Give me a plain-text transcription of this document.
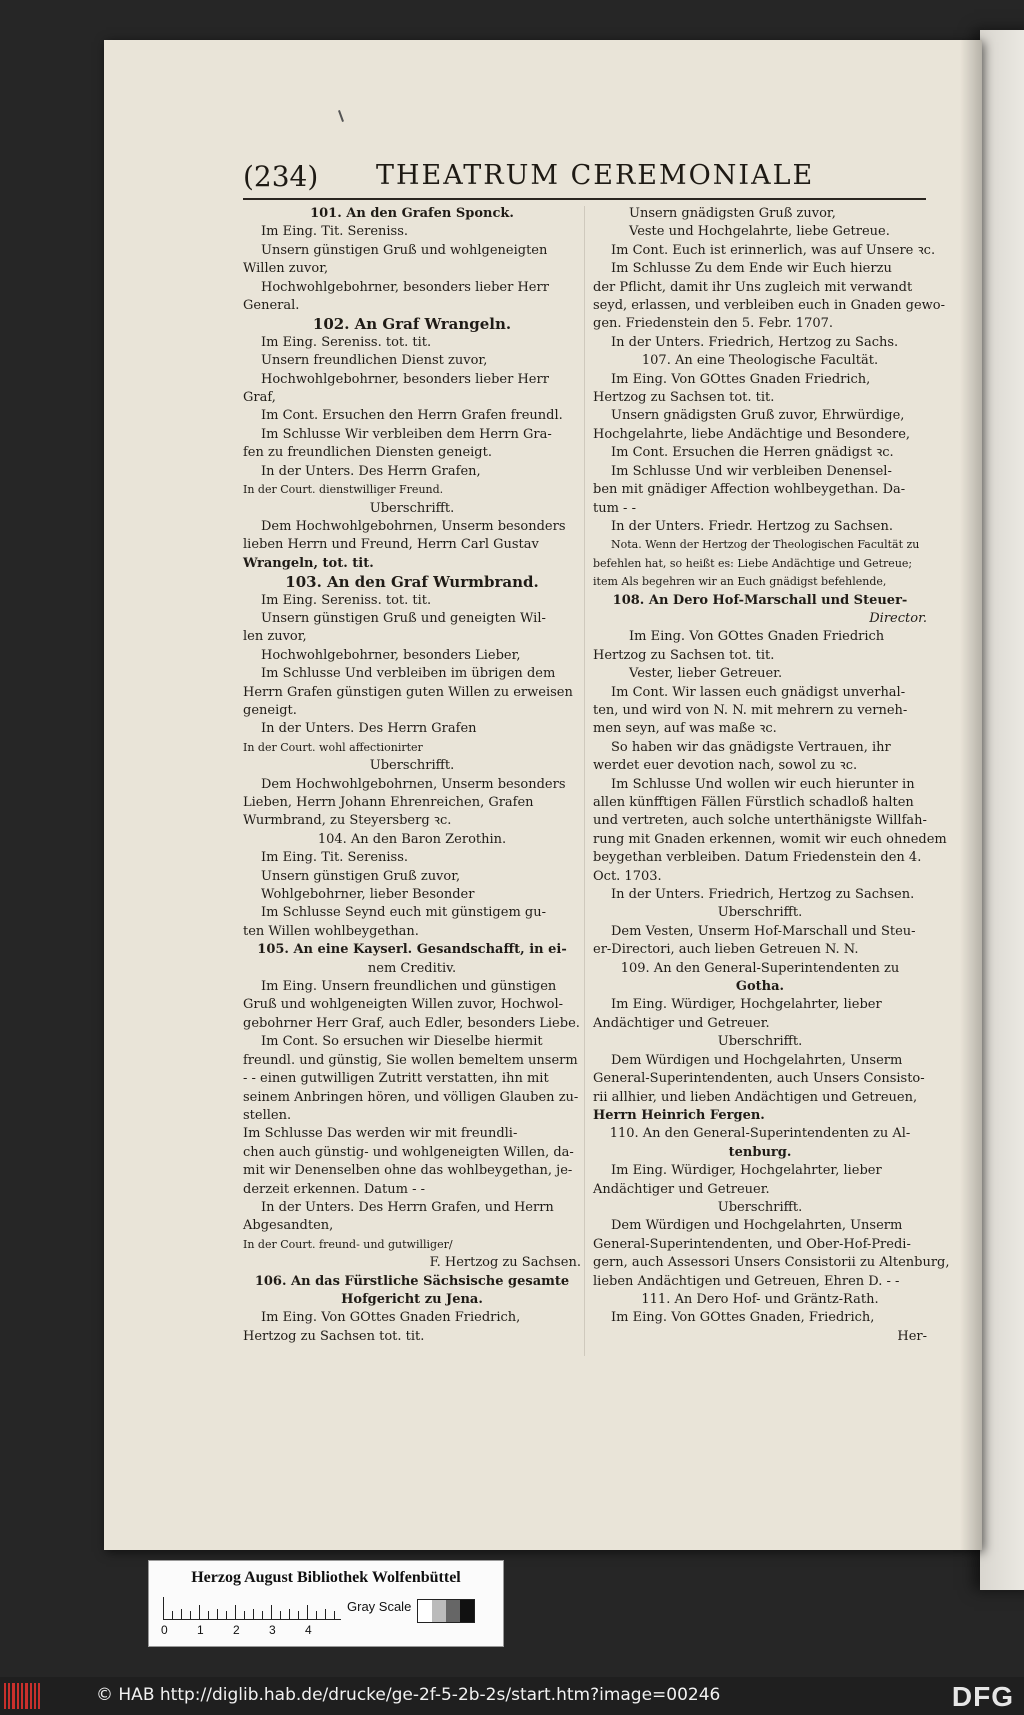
(234) THEATRUM CEREMONIALE
101. An den Grafen Sponck.
Im Eing. Tit. Sereniss.
Unsern günstigen Gruß und wohlgeneigten
Willen zuvor,
Hochwohlgebohrner, besonders lieber Herr
General.
102. An Graf Wrangeln.
Im Eing. Sereniss. tot. tit.
Unsern freundlichen Dienst zuvor,
Hochwohlgebohrner, besonders lieber Herr
Graf,
Im Cont. Ersuchen den Herrn Grafen freundl.
Im Schlusse Wir verbleiben dem Herrn Gra-
fen zu freundlichen Diensten geneigt.
In der Unters. Des Herrn Grafen,
In der Court. dienstwilliger Freund.
Uberschrifft.
Dem Hochwohlgebohrnen, Unserm besonders
lieben Herrn und Freund, Herrn Carl Gustav
Wrangeln, tot. tit.
103. An den Graf Wurmbrand.
Im Eing. Sereniss. tot. tit.
Unsern günstigen Gruß und geneigten Wil-
len zuvor,
Hochwohlgebohrner, besonders Lieber,
Im Schlusse Und verbleiben im übrigen dem
Herrn Grafen günstigen guten Willen zu erweisen
geneigt.
In der Unters. Des Herrn Grafen
In der Court. wohl affectionirter
Uberschrifft.
Dem Hochwohlgebohrnen, Unserm besonders
Lieben, Herrn Johann Ehrenreichen, Grafen
Wurmbrand, zu Steyersberg ꝛc.
104. An den Baron Zerothin.
Im Eing. Tit. Sereniss.
Unsern günstigen Gruß zuvor,
Wohlgebohrner, lieber Besonder
Im Schlusse Seynd euch mit günstigem gu-
ten Willen wohlbeygethan.
105. An eine Kayserl. Gesandschafft, in ei-
nem Creditiv.
Im Eing. Unsern freundlichen und günstigen
Gruß und wohlgeneigten Willen zuvor, Hochwol-
gebohrner Herr Graf, auch Edler, besonders Liebe.
Im Cont. So ersuchen wir Dieselbe hiermit
freundl. und günstig, Sie wollen bemeltem unserm
- - einen gutwilligen Zutritt verstatten, ihn mit
seinem Anbringen hören, und völligen Glauben zu-
stellen.
Im Schlusse Das werden wir mit freundli-
chen auch günstig- und wohlgeneigten Willen, da-
mit wir Denenselben ohne das wohlbeygethan, je-
derzeit erkennen. Datum - -
In der Unters. Des Herrn Grafen, und Herrn
Abgesandten,
In der Court. freund- und gutwilliger/
F. Hertzog zu Sachsen.
106. An das Fürstliche Sächsische gesamte
Hofgericht zu Jena.
Im Eing. Von GOttes Gnaden Friedrich,
Hertzog zu Sachsen tot. tit.
Unsern gnädigsten Gruß zuvor,
Veste und Hochgelahrte, liebe Getreue.
Im Cont. Euch ist erinnerlich, was auf Unsere ꝛc.
Im Schlusse Zu dem Ende wir Euch hierzu
der Pflicht, damit ihr Uns zugleich mit verwandt
seyd, erlassen, und verbleiben euch in Gnaden gewo-
gen. Friedenstein den 5. Febr. 1707.
In der Unters. Friedrich, Hertzog zu Sachs.
107. An eine Theologische Facultät.
Im Eing. Von GOttes Gnaden Friedrich,
Hertzog zu Sachsen tot. tit.
Unsern gnädigsten Gruß zuvor, Ehrwürdige,
Hochgelahrte, liebe Andächtige und Besondere,
Im Cont. Ersuchen die Herren gnädigst ꝛc.
Im Schlusse Und wir verbleiben Denensel-
ben mit gnädiger Affection wohlbeygethan. Da-
tum - -
In der Unters. Friedr. Hertzog zu Sachsen.
Nota. Wenn der Hertzog der Theologischen Facultät zu
befehlen hat, so heißt es: Liebe Andächtige und Getreue;
item Als begehren wir an Euch gnädigst befehlende,
108. An Dero Hof-Marschall und Steuer-
Director.
Im Eing. Von GOttes Gnaden Friedrich
Hertzog zu Sachsen tot. tit.
Vester, lieber Getreuer.
Im Cont. Wir lassen euch gnädigst unverhal-
ten, und wird von N. N. mit mehrern zu verneh-
men seyn, auf was maße ꝛc.
So haben wir das gnädigste Vertrauen, ihr
werdet euer devotion nach, sowol zu ꝛc.
Im Schlusse Und wollen wir euch hierunter in
allen künfftigen Fällen Fürstlich schadloß halten
und vertreten, auch solche unterthänigste Willfah-
rung mit Gnaden erkennen, womit wir euch ohnedem
beygethan verbleiben. Datum Friedenstein den 4.
Oct. 1703.
In der Unters. Friedrich, Hertzog zu Sachsen.
Uberschrifft.
Dem Vesten, Unserm Hof-Marschall und Steu-
er-Directori, auch lieben Getreuen N. N.
109. An den General-Superintendenten zu
Gotha.
Im Eing. Würdiger, Hochgelahrter, lieber
Andächtiger und Getreuer.
Uberschrifft.
Dem Würdigen und Hochgelahrten, Unserm
General-Superintendenten, auch Unsers Consisto-
rii allhier, und lieben Andächtigen und Getreuen,
Herrn Heinrich Fergen.
110. An den General-Superintendenten zu Al-
tenburg.
Im Eing. Würdiger, Hochgelahrter, lieber
Andächtiger und Getreuer.
Uberschrifft.
Dem Würdigen und Hochgelahrten, Unserm
General-Superintendenten, und Ober-Hof-Predi-
gern, auch Assessori Unsers Consistorii zu Altenburg,
lieben Andächtigen und Getreuen, Ehren D. - -
111. An Dero Hof- und Gräntz-Rath.
Im Eing. Von GOttes Gnaden, Friedrich,
Her-
Herzog August Bibliothek Wolfenbüttel
0 1 2 3 4
Gray Scale
© HAB http://diglib.hab.de/drucke/ge-2f-5-2b-2s/start.htm?image=00246	DFG
